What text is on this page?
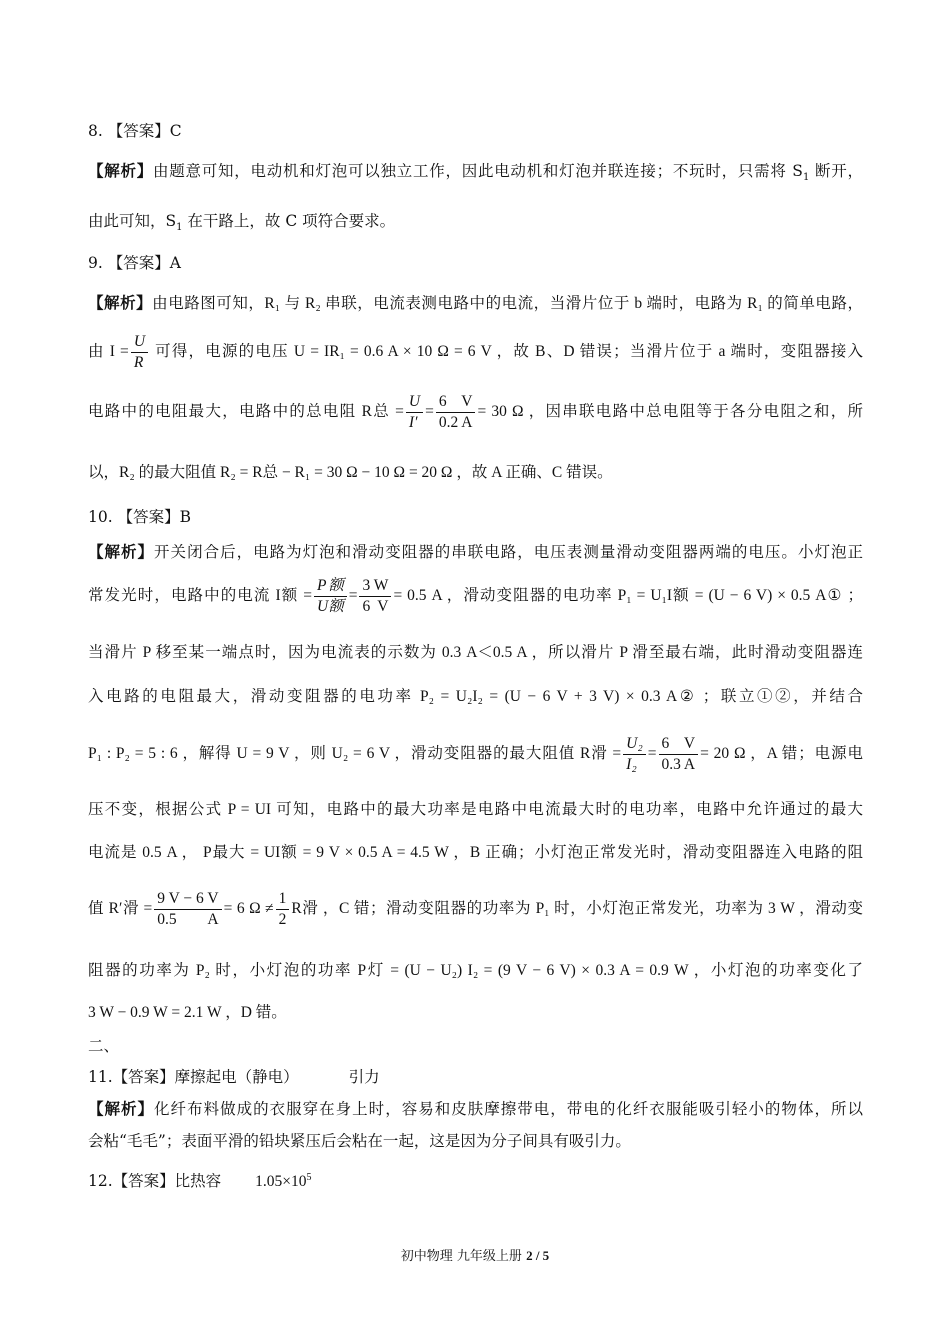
8. 【答案】C
【解析】由题意可知，电动机和灯泡可以独立工作，因此电动机和灯泡并联连接；不玩时，只需将 $S_1$ 断开，
由此可知，$S_1$ 在干路上，故 C 项符合要求。
9. 【答案】A
【解析】由电路图可知，R₁ 与 R₂ 串联，电流表测电路中的电流，当滑片位于 b 端时，电路为 R₁ 的简单电路，
由 $I = \frac{U}{R}$ 可得，电源的电压 U = IR₁ = 0.6 A × 10 Ω = 6 V ，故 B、D 错误；当滑片位于 a 端时，变阻器接入
电路中的电阻最大，电路中的总电阻 R总 = $\frac{U}{I'} = \frac{6 V}{0.2 A} = 30$ Ω ，因串联电路中总电阻等于各分电阻之和，所
以，R₂ 的最大阻值 R₂ = R总 − R₁ = 30 Ω − 10 Ω = 20 Ω ，故 A 正确、C 错误。
10. 【答案】B
【解析】开关闭合后，电路为灯泡和滑动变阻器的串联电路，电压表测量滑动变阻器两端的电压。小灯泡正
常发光时，电路中的电流 I额 = $\frac{\text{P额}}{\text{U额}} = \frac{3 W}{6 V} = 0.5$ A ，滑动变阻器的电功率 P₁ = U₁I额 = (U − 6 V) × 0.5 A① ；
当滑片 P 移至某一端点时，因为电流表的示数为 0.3 A＜0.5 A ，所以滑片 P 滑至最右端，此时滑动变阻器连
入电路的电阻最大，滑动变阻器的电功率 P₂ = U₂I₂ = (U − 6 V + 3 V) × 0.3 A② ；联立①②，并结合
P₁ : P₂ = 5 : 6 ，解得 U = 9 V ，则 U₂ = 6 V ，滑动变阻器的最大阻值 R滑 = $\frac{\text{U₂}}{\text{I₂}} = \frac{6 V}{0.3 A} = 20$ Ω ，A 错；电源电
压不变，根据公式 P = UI 可知，电路中的最大功率是电路中电流最大时的电功率，电路中允许通过的最大
电流是 0.5 A ， P最大 = UI额 = 9 V × 0.5 A = 4.5 W ，B 正确；小灯泡正常发光时，滑动变阻器连入电路的阻
值 R′滑 = $\frac{9 V - 6 V}{0.5 A} = 6$ $\Omega \ne \frac{1}{2}$ R滑 ，C 错；滑动变阻器的功率为 P₁ 时，小灯泡正常发光，功率为 3 W ，滑动变
阻器的功率为 P₂ 时，小灯泡的功率 P灯 = (U − U₂) I₂ = (9 V − 6 V) × 0.3 A = 0.9 W ，小灯泡的功率变化了
3 W − 0.9 W = 2.1 W ，D 错。
二、
11.【答案】摩擦起电（静电）	引力
【解析】化纤布料做成的衣服穿在身上时，容易和皮肤摩擦带电，带电的化纤衣服能吸引轻小的物体，所以
会粘“毛毛”；表面平滑的铅块紧压后会粘在一起，这是因为分子间具有吸引力。
12.【答案】比热容 $1.05\times 10^5$
初中物理 九年级上册 2 / 5
